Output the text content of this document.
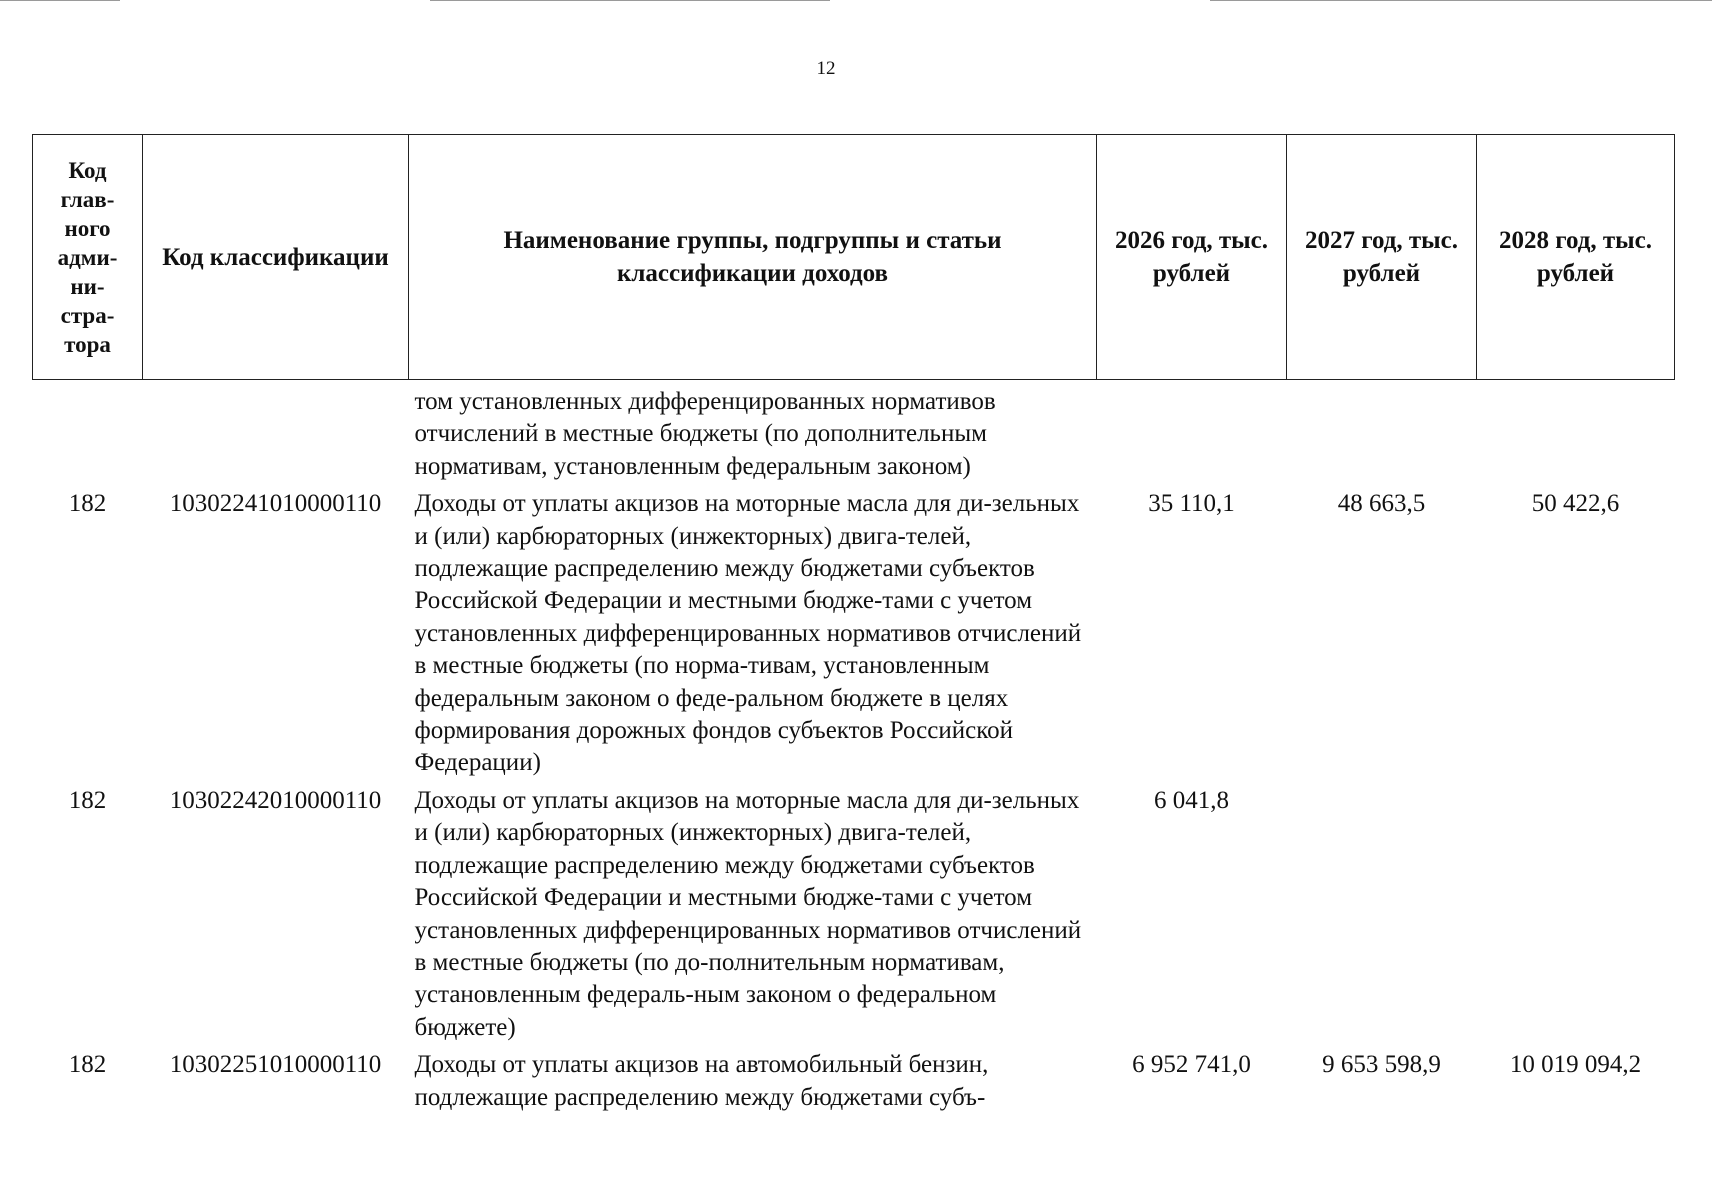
12
Код глав-ного адми-ни-стра-тора	Код классификации	Наименование группы, подгруппы и статьи классификации доходов	2026 год, тыс. рублей	2027 год, тыс. рублей	2028 год, тыс. рублей
		том установленных дифференцированных нормативов отчислений в местные бюджеты (по дополнительным нормативам, установленным федеральным законом)			
182	10302241010000110	Доходы от уплаты акцизов на моторные масла для ди-зельных и (или) карбюраторных (инжекторных) двига-телей, подлежащие распределению между бюджетами субъектов Российской Федерации и местными бюдже-тами с учетом установленных дифференцированных нормативов отчислений в местные бюджеты (по норма-тивам, установленным федеральным законом о феде-ральном бюджете в целях формирования дорожных фондов субъектов Российской Федерации)	35 110,1	48 663,5	50 422,6
182	10302242010000110	Доходы от уплаты акцизов на моторные масла для ди-зельных и (или) карбюраторных (инжекторных) двига-телей, подлежащие распределению между бюджетами субъектов Российской Федерации и местными бюдже-тами с учетом установленных дифференцированных нормативов отчислений в местные бюджеты (по до-полнительным нормативам, установленным федераль-ным законом о федеральном бюджете)	6 041,8		
182	10302251010000110	Доходы от уплаты акцизов на автомобильный бензин, подлежащие распределению между бюджетами субъ-	6 952 741,0	9 653 598,9	10 019 094,2
